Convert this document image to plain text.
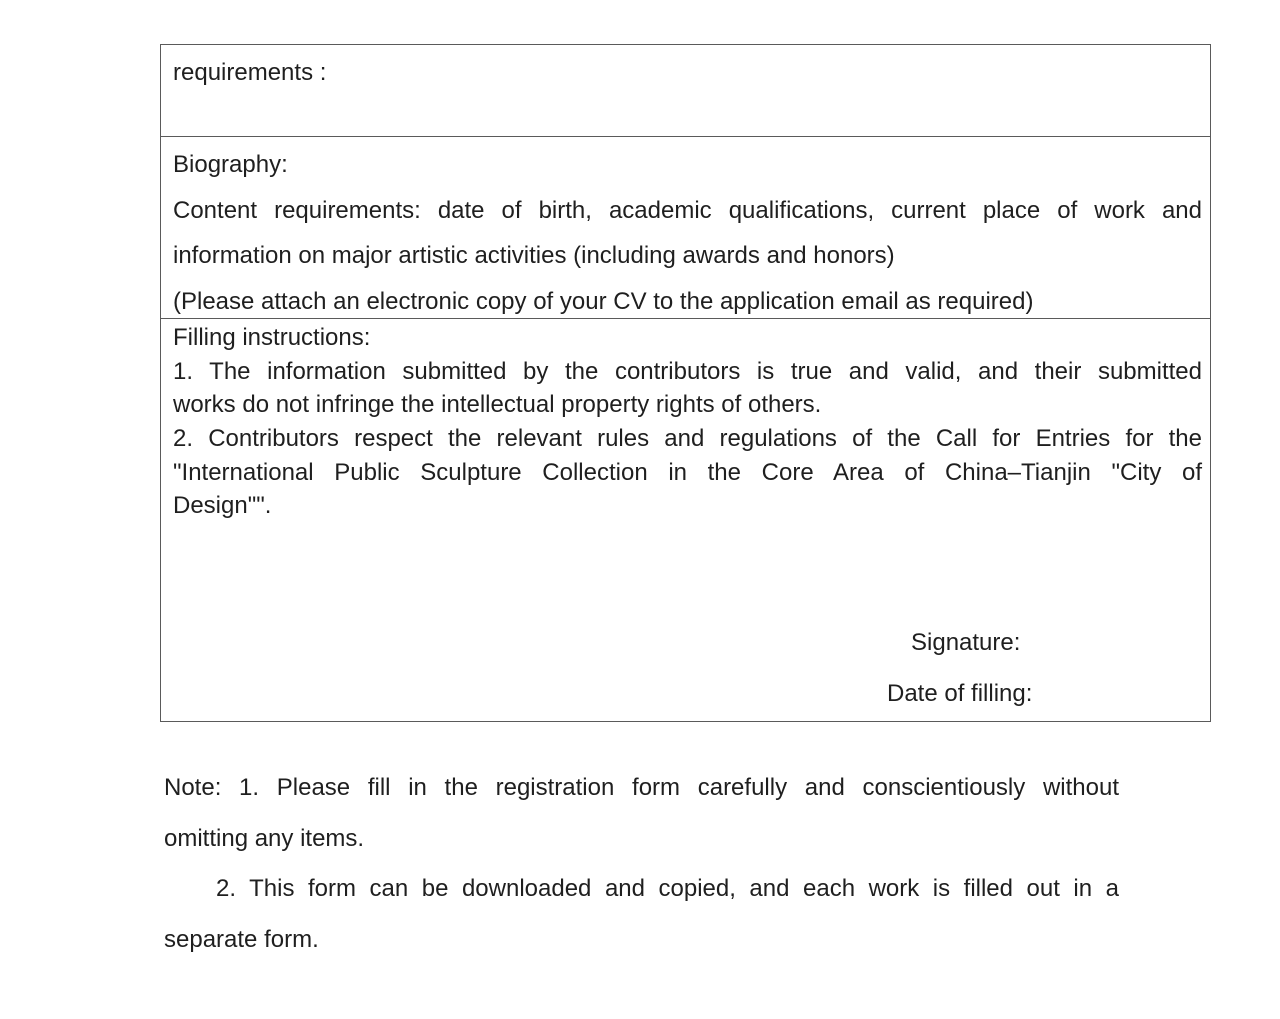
requirements :
Biography:
Content requirements: date of birth, academic qualifications, current place of work and
information on major artistic activities (including awards and honors)
(Please attach an electronic copy of your CV to the application email as required)
Filling instructions:
1. The information submitted by the contributors is true and valid, and their submitted
works do not infringe the intellectual property rights of others.
2. Contributors respect the relevant rules and regulations of the Call for Entries for the
"International Public Sculpture Collection in the Core Area of China–Tianjin "City of
Design"".
Signature:
Date of filling:
Note: 1. Please fill in the registration form carefully and conscientiously without
omitting any items.
2. This form can be downloaded and copied, and each work is filled out in a
separate form.
